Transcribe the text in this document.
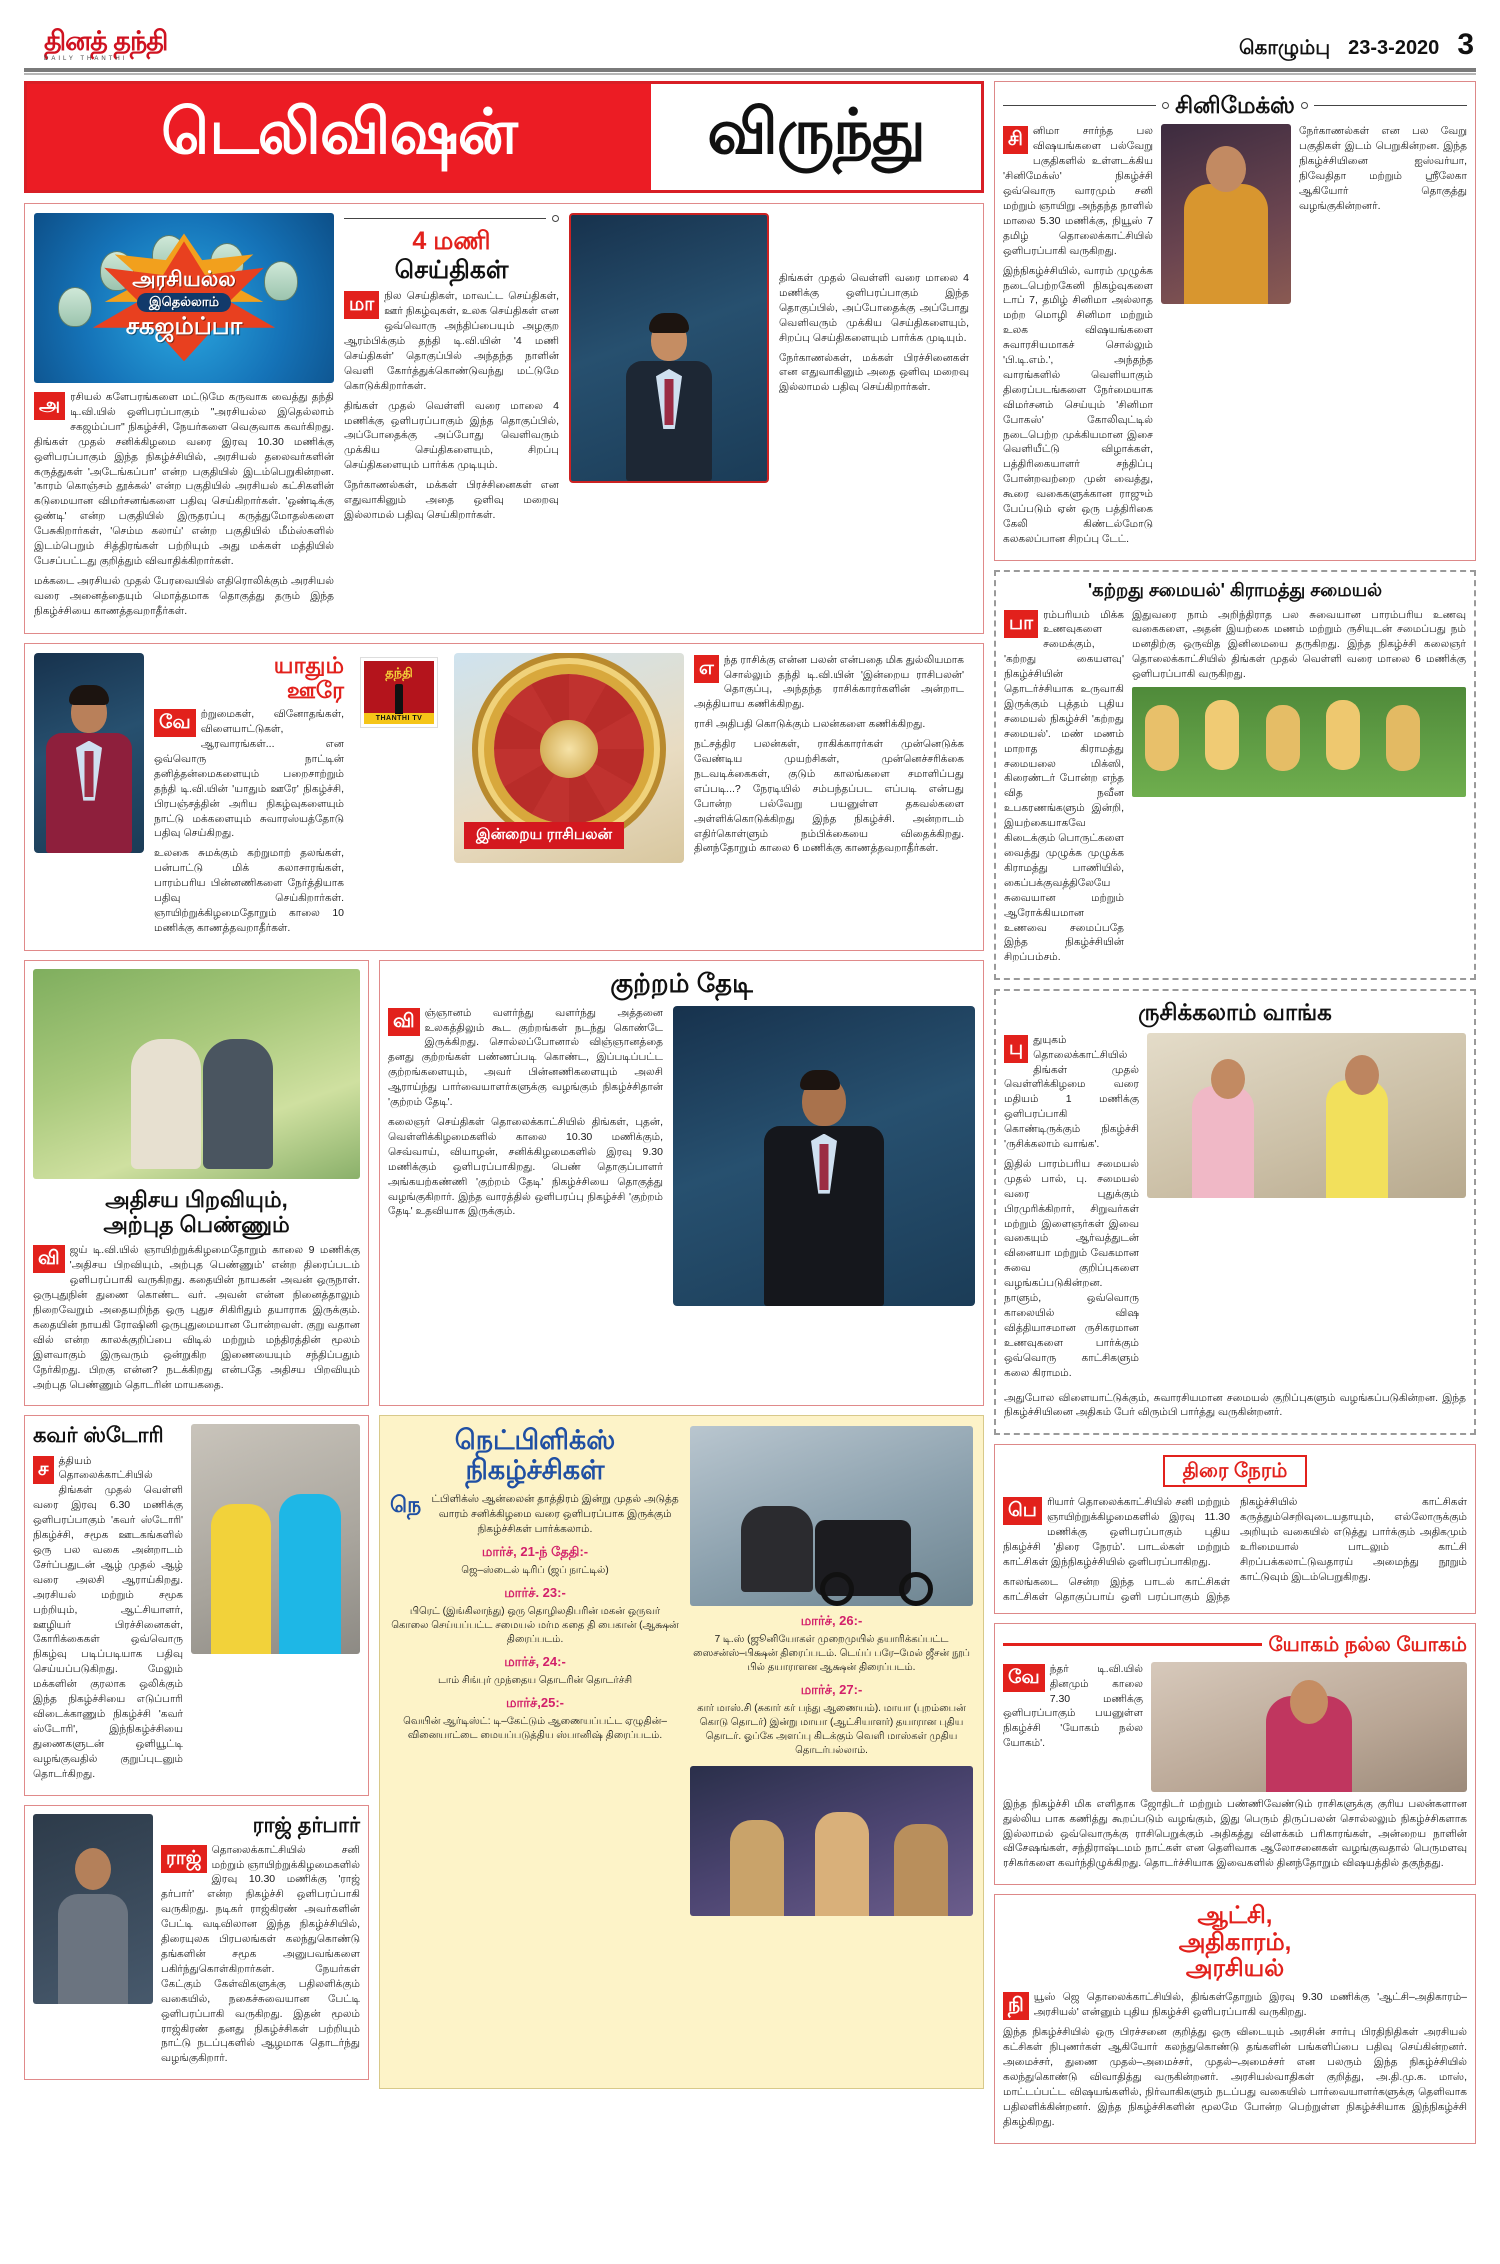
தினத் தந்தி
DAILY THANTHI	கொழும்பு 23-3-2020 3
டெலிவிஷன்	விருந்து
அரசியல்ல
இதெல்லாம்
சகஜம்ப்பா

அ ரசியல் களேபரங்களை மட்டுமே கருவாக வைத்து தந்தி டி.வி.யில் ஒளிபரப்பாகும் "அரசியல்ல இதெல்லாம் சகஜம்ப்பா" நிகழ்ச்சி, நேயர்களை வெகுவாக கவர்கிறது. திங்கள் முதல் சனிக்கிழமை வரை இரவு 10.30 மணிக்கு ஒளிபரப்பாகும் இந்த நிகழ்ச்சியில், அரசியல் தலைவர்களின் கருத்துகள் 'அடேங்கப்பா' என்ற பகுதியில் இடம்பெறுகின்றன. 'காரம் கொஞ்சம் தூக்கல்' என்ற பகுதியில் அரசியல் கட்சிகளின் கடுமையான விமர்சனங்களை பதிவு செய்கிறார்கள். 'ஒண்டிக்கு ஒண்டி' என்ற பகுதியில் இருதரப்பு கருத்துமோதல்களை பேசுகிறார்கள், 'செம்ம கலாய்' என்ற பகுதியில் மீம்ஸ்களில் இடம்பெறும் சித்திரங்கள் பற்றியும் அது மக்கள் மத்தியில் பேசப்பட்டது குறித்தும் விவாதிக்கிறார்கள்.

மக்கடை அரசியல் முதல் பேரவையில் எதிரொலிக்கும் அரசியல் வரை அனைத்தையும் மொத்தமாக தொகுத்து தரும் இந்த நிகழ்ச்சியை காணத்தவறாதீர்கள்.

4 மணி
செய்திகள்

மா நில செய்திகள், மாவட்ட செய்திகள், ஊர் நிகழ்வுகள், உலக செய்திகள் என ஒவ்வொரு அந்திப்பையும் அழகுற ஆரம்பிக்கும் தந்தி டி.வி.யின் '4 மணி செய்திகள்' தொகுப்பில் அந்தந்த நாளின் வெளி கோர்த்துக்கொண்டுவந்து மட்டுமே கொடுக்கிறார்கள்.

திங்கள் முதல் வெள்ளி வரை மாலை 4 மணிக்கு ஒளிபரப்பாகும் இந்த தொகுப்பில், அப்போதைக்கு அப்போது வெளிவரும் முக்கிய செய்திகளையும், சிறப்பு செய்திகளையும் பார்க்க முடியும்.

நேர்காணல்கள், மக்கள் பிரச்சினைகள் என எதுவாகினும் அதை ஒளிவு மறைவு இல்லாமல் பதிவு செய்கிறார்கள்.

திங்கள் முதல் வெள்ளி வரை மாலை 4 மணிக்கு ஒளிபரப்பாகும் இந்த தொகுப்பில், அப்போதைக்கு அப்போது வெளிவரும் முக்கிய செய்திகளையும், சிறப்பு செய்திகளையும் பார்க்க முடியும்.

நேர்காணல்கள், மக்கள் பிரச்சினைகள் என எதுவாகினும் அதை ஒளிவு மறைவு இல்லாமல் பதிவு செய்கிறார்கள்.

யாதும்
ஊரே

வே ற்றுமைகள், வினோதங்கள், விளையாட்டுகள், ஆரவாரங்கள்... என ஒவ்வொரு நாட்டின் தனித்தன்மைகளையும் பறைசாற்றும் தந்தி டி.வி.யின் 'யாதும் ஊரே' நிகழ்ச்சி, பிரபஞ்சத்தின் அரிய நிகழ்வுகளையும் நாட்டு மக்களையும் சுவாரஸ்யத்தோடு பதிவு செய்கிறது.

உலகை சுமக்கும் கற்றுமாற் தலங்கள், பன்பாட்டு மிக் கலாசாரங்கள், பாரம்பரிய பின்னணிகளை நேர்த்தியாக பதிவு செய்கிறார்கள். ஞாயிற்றுக்கிழமைதோறும் காலை 10 மணிக்கு காணத்தவறாதீர்கள்.

தந்தி
THANTHI TV
இன்றைய ராசிபலன்

எ ந்த ராசிக்கு என்ன பலன் என்பதை மிக துல்லியமாக சொல்லும் தந்தி டி.வி.யின் 'இன்றைய ராசிபலன்' தொகுப்பு, அந்தந்த ராசிக்காரர்களின் அன்றாட அத்தியாய கணிக்கிறது.

ராசி அதிபதி கொடுக்கும் பலன்களை கணிக்கிறது.

நட்சத்திர பலன்கள், ராகிக்காரர்கள் முன்னெடுக்க வேண்டிய முயற்சிகள், முன்னெச்சரிக்கை நடவடிக்கைகள், குடும் காலங்களை சமாளிப்பது எப்படி...? நேரடியில் சம்பந்தப்பட எப்படி என்பது போன்ற பல்வேறு பயனுள்ள தகவல்களை அள்ளிக்கொடுக்கிறது இந்த நிகழ்ச்சி. அன்றாடம் எதிர்கொள்ளும் நம்பிக்கையை விதைக்கிறது. தினந்தோறும் காலை 6 மணிக்கு காணத்தவறாதீர்கள்.

அதிசய பிறவியும்,
அற்புத பெண்ணும்

வி ஜய் டி.வி.யில் ஞாயிற்றுக்கிழமைதோறும் காலை 9 மணிக்கு 'அதிசய பிறவியும், அற்புத பெண்ணும்' என்ற திரைப்படம் ஒளிபரப்பாகி வருகிறது. கதையின் நாயகன் அவன் ஒருநாள். ஒருபுதுநின் துணை கொண்ட வர். அவன் என்ன நினைத்தாலும் நிறைவேறும் அதையறிந்த ஒரு புதுச சிகிரிதும் தயாராக இருக்கும். கதையின் நாயகி ரோஷினி ஒருபுதுமையான போன்றவள். குறு வதான வில் என்ற காலக்குறிப்பை விடில் மற்றும் மந்திரத்தின் மூலம் இளவாகும் இருவரும் ஒன்றுகிற இணையையும் சந்திப்பதும் நேர்கிறது. பிறகு என்ன? நடக்கிறது என்பதே அதிசய பிறவியும் அற்புத பெண்ணும் தொடரின் மாயகதை.

குற்றம் தேடி

வி ஞ்ஞானம் வளர்ந்து வளர்ந்து அத்தனை உலகத்திலும் கூட குற்றங்கள் நடந்து கொண்டே இருக்கிறது. சொல்லப்போனால் விஞ்ஞானத்தை தனது குற்றங்கள் பண்ணப்படி கொண்ட, இப்படிப்பட்ட குற்றங்களையும், அவர் பின்னணிகளையும் அலசி ஆராய்ந்து பார்வையாளர்களுக்கு வழங்கும் நிகழ்ச்சிதான் 'குற்றம் தேடி'.

கலைஞர் செய்திகள் தொலைக்காட்சியில் திங்கள், புதன், வெள்ளிக்கிழமைகளில் காலை 10.30 மணிக்கும், செவ்வாய், வியாழன், சனிக்கிழமைகளில் இரவு 9.30 மணிக்கும் ஒளிபரப்பாகிறது. பெண் தொகுப்பாளர் அங்கயற்கண்ணி 'குற்றம் தேடி' நிகழ்ச்சியை தொகுத்து வழங்குகிறார். இந்த வாரத்தில் ஒளிபரப்பு நிகழ்ச்சி 'குற்றம் தேடி' உதவியாக இருக்கும்.

கவர் ஸ்டோரி

ச த்தியம் தொலைக்காட்சியில் திங்கள் முதல் வெள்ளி வரை இரவு 6.30 மணிக்கு ஒளிபரப்பாகும் 'கவர் ஸ்டோரி' நிகழ்ச்சி, சமூக ஊடகங்களில் ஒரு பல வகை அன்றாடம் சேர்ப்பதுடன் ஆழ் முதல் ஆழ் வரை அலசி ஆராய்கிறது. அரசியல் மற்றும் சமூக பற்றியும், ஆட்சியாளர், ஊழியர் பிரச்சினைகள், கோரிக்கைகள் ஒவ்வொரு நிகழ்வு படிப்படியாக பதிவு செய்யப்படுகிறது. மேலும் மக்களின் குரலாக ஒலிக்கும் இந்த நிகழ்ச்சியை எடுப்பாரி விடைக்காணும் நிகழ்ச்சி 'கவர் ஸ்டோரி', இந்நிகழ்ச்சியை துணைகளுடன் ஒளியூட்டி வழங்குவதில் குறுப்புடனும் தொடர்கிறது.

ராஜ் தர்பார்

ராஜ் தொலைக்காட்சியில் சனி மற்றும் ஞாயிற்றுக்கிழமைகளில் இரவு 10.30 மணிக்கு 'ராஜ் தர்பார்' என்ற நிகழ்ச்சி ஒளிபரப்பாகி வருகிறது. நடிகர் ராஜ்கிரண் அவர்களின் பேட்டி வடிவிலான இந்த நிகழ்ச்சியில், திரையுலக பிரபலங்கள் கலந்துகொண்டு தங்களின் சமூக அனுபவங்களை பகிர்ந்துகொள்கிறார்கள். நேயர்கள் கேட்கும் கேள்விகளுக்கு பதிலளிக்கும் வகையில், நகைச்சுவையான பேட்டி ஒளிபரப்பாகி வருகிறது. இதன் மூலம் ராஜ்கிரண் தனது நிகழ்ச்சிகள் பற்றியும் நாட்டு நடப்புகளில் ஆழமாக தொடர்ந்து வழங்குகிறார்.

நெட்பிளிக்ஸ்
நிகழ்ச்சிகள்

நெட்பிளிக்ஸ் ஆன்லைன் தாத்திரம் இன்று முதல் அடுத்த வாரம் சனிக்கிழமை வரை ஒளிபரப்பாக இருக்கும் நிகழ்ச்சிகள் பார்க்கலாம்.

மார்ச், 21-ந் தேதி:-
ஜெ–ஸ்டைல் டிரிப் (ஜப் நாட்டில்)
மார்ச். 23:-
பிரெட் (இங்கிலாந்து) ஒரு தொழிலதிபரின் மகன் ஒருவர் கொலை செய்யப்பட்ட சமையல் மர்ம கதை தி பைகான் (ஆக்ஷன் திரைப்படம்.
மார்ச், 24:-
டாம் சிங்புர் முந்தைய தொடரின் தொடர்ச்சி
மார்ச்,25:-
வெயின் ஆர்டிஸ்ட்: டி–கேட்டும் ஆணையப்பட்ட ஏழுதின்–வினையாட்டை மையப்படுத்திய ஸ்பானிஷ் திரைப்படம்.
மார்ச், 26:-
7 டி.ஸ் (ஜூனியோகள் முறைமுயில் தயாரிக்கப்பட்ட ஸைசன்ஸ்–பிக்ஷன் திரைப்படம். டெய்ப் பரே–மேல் ஜீசன் நூப் பில் தயாராளன ஆக்ஷன் திரைப்படம்.
மார்ச், 27:-
கார் மாஸ்.சி (சுகார் கர் பந்து ஆணையம்). மாயா (புறம்பைன் கொடு தொடர்) இன்று மாயா (ஆட்சியாளர்) தயாரான புதிய தொடர். ஓப்கே அளப்பு கிடக்கும் வெளி மாஸ்கள் முதிய தொடர்பல்லாம்.
சினிமேக்ஸ்

சி னிமா சார்ந்த பல விஷயங்களை பல்வேறு பகுதிகளில் உள்ளடக்கிய 'சினிமேக்ஸ்' நிகழ்ச்சி ஒவ்வொரு வாரமும் சனி மற்றும் ஞாயிறு அந்தந்த நாளில் மாலை 5.30 மணிக்கு, நியூஸ் 7 தமிழ் தொலைக்காட்சியில் ஒளிபரப்பாகி வருகிறது.

இந்நிகழ்ச்சியில், வாரம் முழுக்க நடைபெற்றகேனி நிகழ்வுகளை டாப் 7, தமிழ் சினிமா அல்லாத மற்ற மொழி சினிமா மற்றும் உலக விஷயங்களை சுவாரசியமாகச் சொல்லும் 'பி.டி.எம்.', அந்தந்த வாரங்களில் வெளியாகும் திரைப்படங்களை நேர்மையாக விமர்சனம் செய்யும் 'சினிமா போகஸ்' கோலிவுட்டில் நடைபெற்ற முக்கியமான இசை வெளியீட்டு விழாக்கள், பத்திரிகையாளர் சந்திப்பு போன்றவற்றை முன் வைத்து, கூரை வகைகளுக்கான ராஜும் பேப்படும் ஏன் ஒரு பத்திரிகை கேலி கிண்டல்மோடு கலகலப்பான சிறப்பு டேட்.

நேர்காணல்கள் என பல வேறு பகுதிகள் இடம் பெறுகின்றன. இந்த நிகழ்ச்சியினை ஐஸ்வர்யா, நிவேதிதா மற்றும் ஸ்ரீலேகா ஆகியோர் தொகுத்து வழங்குகின்றனர்.

'கற்றது சமையல்' கிராமத்து சமையல்

பா ரம்பரியம் மிக்க உணவுகளை சமைக்கும், 'கற்றது கையளவு' நிகழ்ச்சியின் தொடர்ச்சியாக உருவாகி இருக்கும் புத்தம் புதிய சமையல் நிகழ்ச்சி 'கற்றது சமையல்'. மண் மணம் மாறாத கிராமத்து சமையலை மிக்ஸி, கிரைண்டர் போன்ற எந்த வித நவீன உபகரணங்களும் இன்றி, இயற்கையாகவே கிடைக்கும் பொருட்களை வைத்து முழுக்க முழுக்க கிராமத்து பாணியில், கைப்பக்குவத்திலேயே சுவையான மற்றும் ஆரோக்கியமான உணவை சமைப்பதே இந்த நிகழ்ச்சியின் சிறப்பம்சம்.

இதுவரை நாம் அறிந்திராத பல சுவையான பாரம்பரிய உணவு வகைகளை, அதன் இயற்கை மணம் மற்றும் ருசியுடன் சமைப்பது நம் மனதிற்கு ஒருவித இனிமையை தருகிறது. இந்த நிகழ்ச்சி கலைஞர் தொலைக்காட்சியில் திங்கள் முதல் வெள்ளி வரை மாலை 6 மணிக்கு ஒளிபரப்பாகி வருகிறது.

ருசிக்கலாம் வாங்க

பு துயுகம் தொலைக்காட்சியில் திங்கள் முதல் வெள்ளிக்கிழமை வரை மதியம் 1 மணிக்கு ஒளிபரப்பாகி கொண்டிருக்கும் நிகழ்ச்சி 'ருசிக்கலாம் வாங்க'.

இதில் பாரம்பரிய சமையல் முதல் பால், பு. சமையல் வரை புதுக்கும் பிரமுரிக்கிறார், சிறுவர்கள் மற்றும் இளைஞர்கள் இவை வகையும் ஆர்வத்துடன் வினையா மற்றும் வேகமான சுவை குறிப்புகளை வழங்கப்படுகின்றன. நாளும், ஒவ்வொரு காலையில் விஷ வித்தியாசமான ருசிகரமான உணவுகளை பார்க்கும் ஒவ்வொரு காட்சிகளும் கலை கிராமம்.

அதுபோல விளையாட்டுக்கும், சுவாரசியமான சமையல் குறிப்புகளும் வழங்கப்படுகின்றன. இந்த நிகழ்ச்சியினை அதிகம் பேர் விரும்பி பார்த்து வருகின்றனர்.

திரை நேரம்

பெ ரியார் தொலைக்காட்சியில் சனி மற்றும் ஞாயிற்றுக்கிழமைகளில் இரவு 11.30 மணிக்கு ஒளிபரப்பாகும் புதிய நிகழ்ச்சி 'திரை நேரம்'. பாடல்கள் மற்றும் காட்சிகள் இந்நிகழ்ச்சியில் ஒளிபரப்பாகிறது.

காலங்கடை சென்ற இந்த பாடல் காட்சிகள் காட்சிகள் தொகுப்பாய் ஒளி பரப்பாகும் இந்த நிகழ்ச்சியில் காட்சிகள் கருத்தும்செறிவுடையதாயும், எல்லோருக்கும் அறியும் வகையில் எடுத்து பார்க்கும் அதிகமும் உரிமையால் பாடலும் காட்சி சிறப்பக்கலாட்டுவதாரய் அமைந்து நூறும் காட்டுவும் இடம்பெறுகிறது.

யோகம் நல்ல யோகம்

வே ந்தர் டி.வி.யில் தினமும் காலை 7.30 மணிக்கு ஒளிபரப்பாகும் பயனுள்ள நிகழ்ச்சி 'யோகம் நல்ல யோகம்'.

இந்த நிகழ்ச்சி மிக எளிதாக ஜோதிடர் மற்றும் பண்ணிவேண்டும் ராசிகளுக்கு குரிய பலன்களான துல்லிய பாக கணித்து கூறப்படும் வழங்கும், இது பெரும் திருப்பலன் சொல்லலும் நிகழ்ச்சிகளாக இல்லாமல் ஒவ்வொருக்கு ராசிபெறுக்கும் அதிகத்து விளக்கம் பரிகாரங்கள், அன்றைய நாளின் விசேஷங்கள், சந்திராஷ்டமம் நாட்கள் என தெளிவாக ஆலோசனைகள் வழங்குவதால் பெருமளவு ரசிகர்களை கவர்ந்திழுக்கிறது. தொடர்ச்சியாக இவைகளில் தினந்தோறும் விஷயத்தில் தகுந்தது.

ஆட்சி,
அதிகாரம்,
அரசியல்

நி யூஸ் ஜெ தொலைக்காட்சியில், திங்கள்தோறும் இரவு 9.30 மணிக்கு 'ஆட்சி–அதிகாரம்–அரசியல்' என்னும் புதிய நிகழ்ச்சி ஒளிபரப்பாகி வருகிறது.

இந்த நிகழ்ச்சியில் ஒரு பிரச்சனை குறித்து ஒரு விடையும் அரசின் சார்பு பிரதிநிதிகள் அரசியல் கட்சிகள் நிபுணர்கள் ஆகியோர் கலந்துகொண்டு தங்களின் பங்களிப்பை பதிவு செய்கின்றனர். அமைச்சர், துணை முதல்–அமைச்சர், முதல்–அமைச்சர் என பலரும் இந்த நிகழ்ச்சியில் கலந்துகொண்டு விவாதித்து வருகின்றனர். அரசியல்வாதிகள் குறித்து, அ.தி.மு.க. மாஸ், மாட்டப்பட்ட விஷயங்களில், நிர்வாகிகளும் நடப்பது வகையில் பார்வையாளர்களுக்கு தெளிவாக பதிலளிக்கின்றனர். இந்த நிகழ்ச்சிகளின் மூலமே போன்ற பெற்றுள்ள நிகழ்ச்சியாக இந்நிகழ்ச்சி திகழ்கிறது.
